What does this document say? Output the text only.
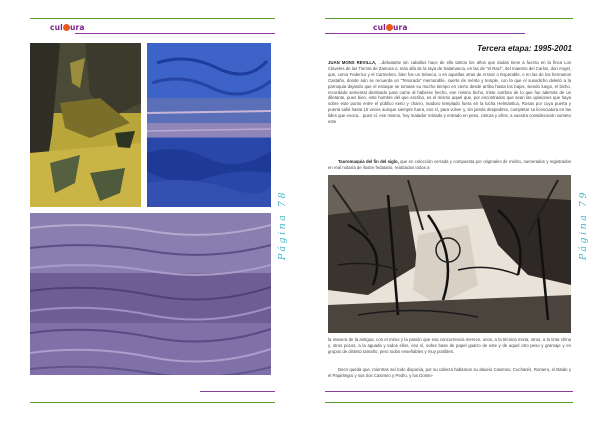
cul ura
Página 78
cul ura
Tercera etapa: 1995-2001
JUAN MONS REVILLA, ...debutante sin caballos hace de ello tantos los años que dudas tiene a fuerza en la finca Los Claveles de las Tierras de Zamora o, más allá de la raya de Salamanca, en las de "el Rací", del maestro del Carlos, don Angel, que, como Federico y el Carmelero, bien fue un Séneca, o en aquellas otras de Arranz o Esperable, o en las de los hermanos Castaño, donde aún se recuerda un "Tenorado" memorable, suerte de mérito y temple, con la que el susodicho deleitó a la parroquia dejando que el estoque se tomase su mucho tiempo en cierto desde arriba hasta los bajos, siendo luego, el bicho, recordado semental destinado para carne al haberse hecho, ese mismo bicho, triste sombra de lo que fue además de un diletante, pues bien, este hombre del que escribo, es el mismo aquel que, por encontrados que sean las opiniones que haya sobre este punto entre el público serio y charro, maduro templado fuera en la lucha Helmántica, Rosas por cuya puerta y puerta salió hasta 10 veces aunque siempre fuera, eso sí, para volver y, sin jamás despedirse, completar su licenciatura en las lides que evoca... pues sí, ese mismo, hoy matador retirado y entrado en peso, cintura y años, a vuestra consideración someto este
Tauromaquia del fin del siglo, que en colección cerrada y compuesta por originales de mérito, numerados y registrados en real notaría de ilustre fedatario, realizados todos a
la manera de la antigua, con el mimo y la pasión que esa concurrencia merece, unos, a la técnica mixta, otros, a la tinta china y, otros pocos, a la aguada y todos ellos, eso sí, sobre base de papel guarro de este y de aquel otro peso y gramaje y en grupos de distinto tamaño, pero todos enseñables y muy posibles.
Decir queda que, mientras así todo disponía, por su cabeza habitaron su abuelo Casimiro, Cucharés, Romero, el Batán y el Pajaritegro y sus tíos Casimiro y Pedro, y los Domin-
Página 79
